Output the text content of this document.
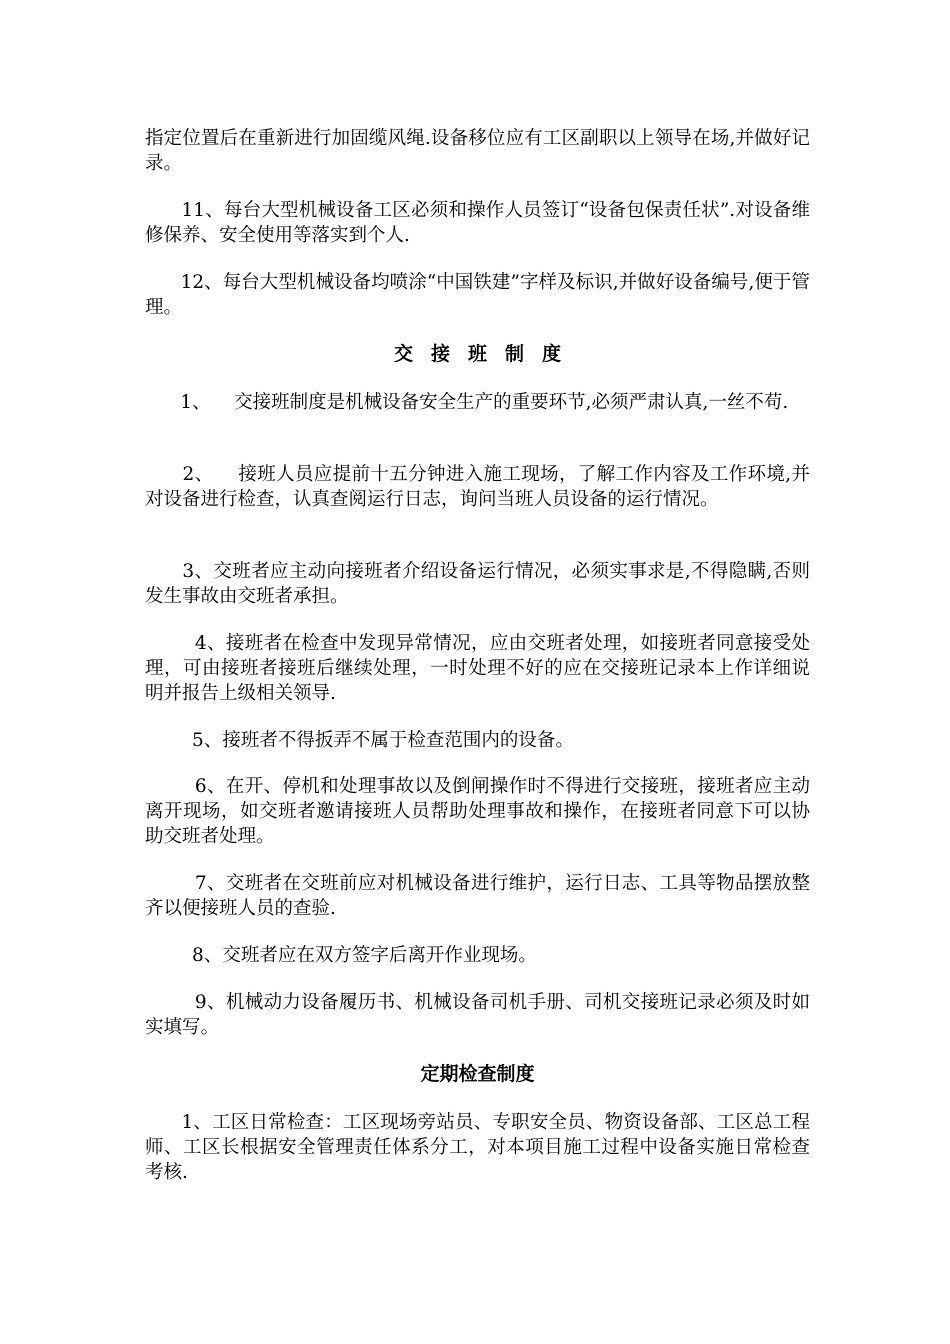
指定位置后在重新进行加固缆风绳.设备移位应有工区副职以上领导在场,并做好记录。

11、每台大型机械设备工区必须和操作人员签订“设备包保责任状”.对设备维修保养、安全使用等落实到个人.

12、每台大型机械设备均喷涂“中国铁建”字样及标识,并做好设备编号,便于管理。

交接班制度

1、    交接班制度是机械设备安全生产的重要环节,必须严肃认真,一丝不苟.

2、    接班人员应提前十五分钟进入施工现场，了解工作内容及工作环境,并对设备进行检查，认真查阅运行日志，询问当班人员设备的运行情况。

3、交班者应主动向接班者介绍设备运行情况，必须实事求是,不得隐瞒,否则发生事故由交班者承担。

4、接班者在检查中发现异常情况，应由交班者处理，如接班者同意接受处理，可由接班者接班后继续处理，一时处理不好的应在交接班记录本上作详细说明并报告上级相关领导.

5、接班者不得扳弄不属于检查范围内的设备。

6、在开、停机和处理事故以及倒闸操作时不得进行交接班，接班者应主动离开现场，如交班者邀请接班人员帮助处理事故和操作，在接班者同意下可以协助交班者处理。

7、交班者在交班前应对机械设备进行维护，运行日志、工具等物品摆放整齐以便接班人员的查验.

8、交班者应在双方签字后离开作业现场。

9、机械动力设备履历书、机械设备司机手册、司机交接班记录必须及时如实填写。

定期检查制度

1、工区日常检查：工区现场旁站员、专职安全员、物资设备部、工区总工程师、工区长根据安全管理责任体系分工，对本项目施工过程中设备实施日常检查考核.
